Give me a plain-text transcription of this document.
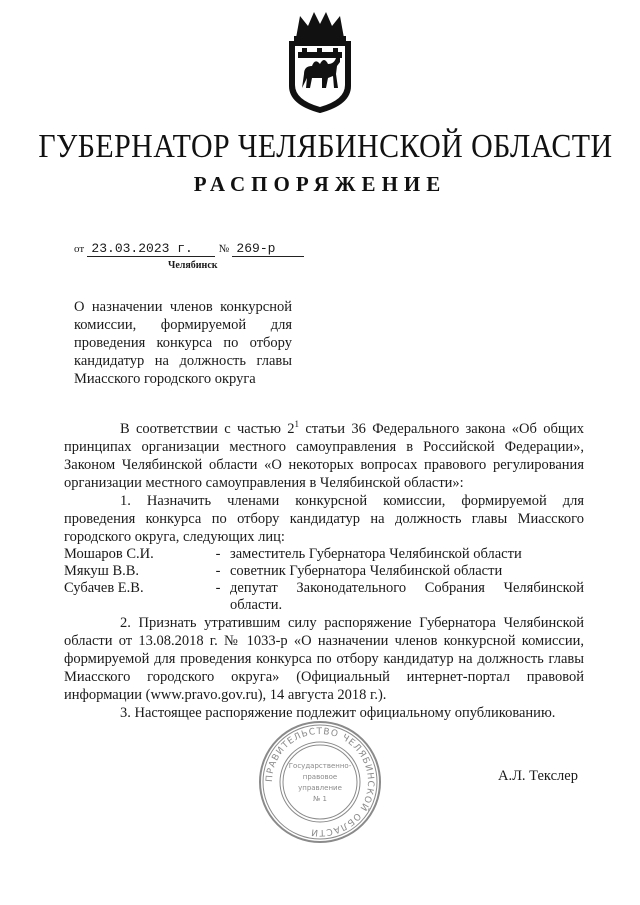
ГУБЕРНАТОР ЧЕЛЯБИНСКОЙ ОБЛАСТИ
РАСПОРЯЖЕНИЕ
от 23.03.2023 г. № 269-р
Челябинск
О назначении членов конкурсной комиссии, формируемой для проведения конкурса по отбору кандидатур на должность главы Миасского городского округа

В соответствии с частью $2^1$ статьи 36 Федерального закона «Об общих принципах организации местного самоуправления в Российской Федерации», Законом Челябинской области «О некоторых вопросах правового регулирования организации местного самоуправления в Челябинской области»:

1. Назначить членами конкурсной комиссии, формируемой для проведения конкурса по отбору кандидатур на должность главы Миасского городского округа, следующих лиц:

Мошаров С.И.	- заместитель Губернатора Челябинской области
Мякуш В.В.	- советник Губернатора Челябинской области
Субачев Е.В.	- депутат Законодательного Собрания Челябинской области.

2. Признать утратившим силу распоряжение Губернатора Челябинской области от 13.08.2018 г. № 1033-р «О назначении членов конкурсной комиссии, формируемой для проведения конкурса по отбору кандидатур на должность главы Миасского городского округа» (Официальный интернет-портал правовой информации (www.pravo.gov.ru), 14 августа 2018 г.).

3. Настоящее распоряжение подлежит официальному опубликованию.

ПРАВИТЕЛЬСТВО ЧЕЛЯБИНСКОЙ ОБЛАСТИ
Государственно-
правовое
управление
№ 1
А.Л. Текслер
